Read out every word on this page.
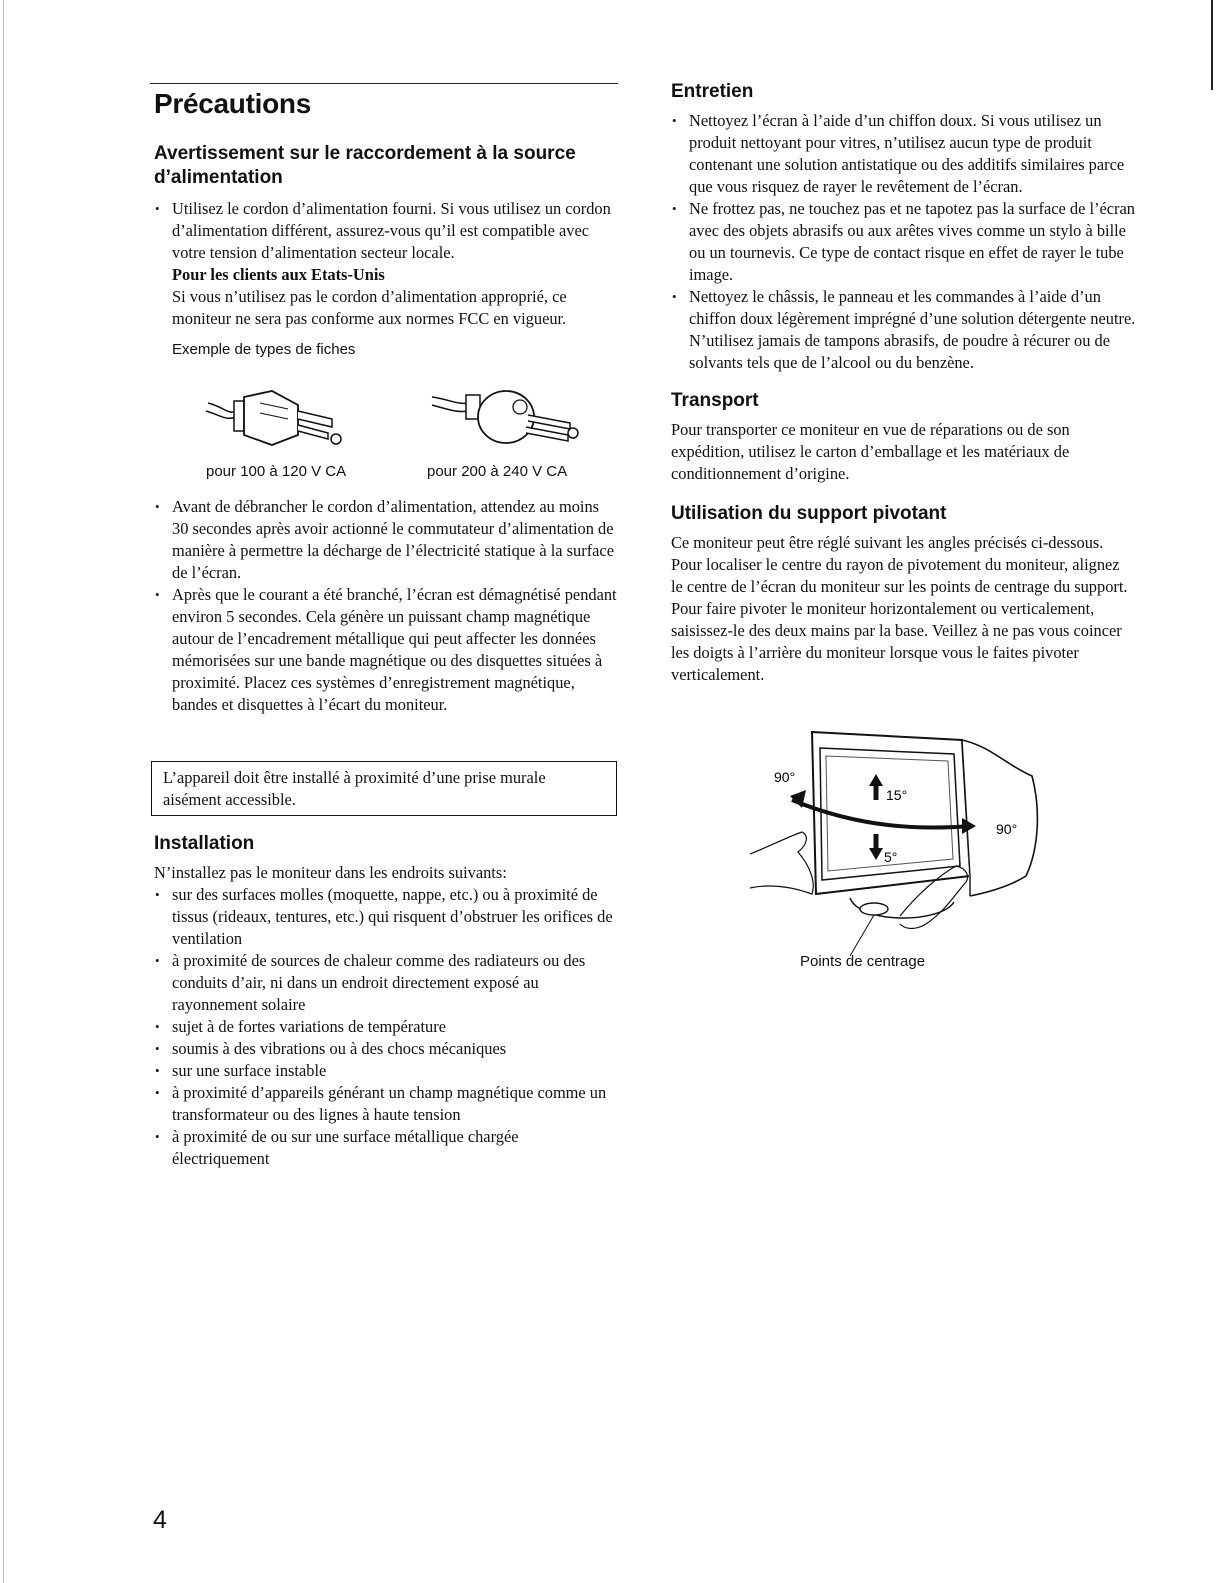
Précautions
Avertissement sur le raccordement à la source d’alimentation
• Utilisez le cordon d’alimentation fourni. Si vous utilisez un cordon d’alimentation différent, assurez-vous qu’il est compatible avec votre tension d’alimentation secteur locale.
Pour les clients aux Etats-Unis
Si vous n’utilisez pas le cordon d’alimentation approprié, ce moniteur ne sera pas conforme aux normes FCC en vigueur.
Exemple de types de fiches
pour 100 à 120 V CA	pour 200 à 240 V CA
• Avant de débrancher le cordon d’alimentation, attendez au moins 30 secondes après avoir actionné le commutateur d’alimentation de manière à permettre la décharge de l’électricité statique à la surface de l’écran.
• Après que le courant a été branché, l’écran est démagnétisé pendant environ 5 secondes. Cela génère un puissant champ magnétique autour de l’encadrement métallique qui peut affecter les données mémorisées sur une bande magnétique ou des disquettes situées à proximité. Placez ces systèmes d’enregistrement magnétique, bandes et disquettes à l’écart du moniteur.

L’appareil doit être installé à proximité d’une prise murale aisément accessible.

Installation

N’installez pas le moniteur dans les endroits suivants:

• sur des surfaces molles (moquette, nappe, etc.) ou à proximité de tissus (rideaux, tentures, etc.) qui risquent d’obstruer les orifices de ventilation
• à proximité de sources de chaleur comme des radiateurs ou des conduits d’air, ni dans un endroit directement exposé au rayonnement solaire
• sujet à de fortes variations de température
• soumis à des vibrations ou à des chocs mécaniques
• sur une surface instable
• à proximité d’appareils générant un champ magnétique comme un transformateur ou des lignes à haute tension
• à proximité de ou sur une surface métallique chargée électriquement
Entretien
• Nettoyez l’écran à l’aide d’un chiffon doux. Si vous utilisez un produit nettoyant pour vitres, n’utilisez aucun type de produit contenant une solution antistatique ou des additifs similaires parce que vous risquez de rayer le revêtement de l’écran.
• Ne frottez pas, ne touchez pas et ne tapotez pas la surface de l’écran avec des objets abrasifs ou aux arêtes vives comme un stylo à bille ou un tournevis. Ce type de contact risque en effet de rayer le tube image.
• Nettoyez le châssis, le panneau et les commandes à l’aide d’un chiffon doux légèrement imprégné d’une solution détergente neutre. N’utilisez jamais de tampons abrasifs, de poudre à récurer ou de solvants tels que de l’alcool ou du benzène.
Transport

Pour transporter ce moniteur en vue de réparations ou de son expédition, utilisez le carton d’emballage et les matériaux de conditionnement d’origine.

Utilisation du support pivotant

Ce moniteur peut être réglé suivant les angles précisés ci-dessous. Pour localiser le centre du rayon de pivotement du moniteur, alignez le centre de l’écran du moniteur sur les points de centrage du support.

Pour faire pivoter le moniteur horizontalement ou verticalement, saisissez-le des deux mains par la base. Veillez à ne pas vous coincer les doigts à l’arrière du moniteur lorsque vous le faites pivoter verticalement.

90°
90°
15°
5°
Points de centrage
4
